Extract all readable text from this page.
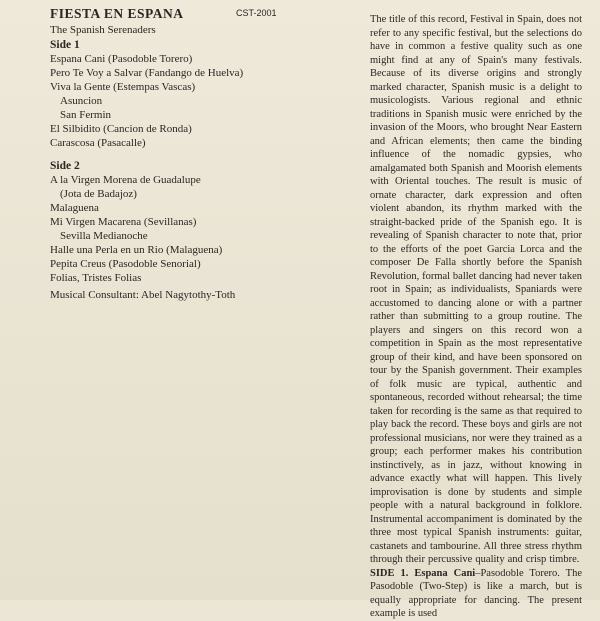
FIESTA EN ESPANA	CST-2001
The Spanish Serenaders
Side 1
Espana Cani (Pasodoble Torero)
Pero Te Voy a Salvar (Fandango de Huelva)
Viva la Gente (Estempas Vascas)
Asuncion
San Fermin
El Silbidito (Cancion de Ronda)
Carascosa (Pasacalle)
Side 2
A la Virgen Morena de Guadalupe
(Jota de Badajoz)
Malaguena
Mi Virgen Macarena (Sevillanas)
Sevilla Medianoche
Halle una Perla en un Rio (Malaguena)
Pepita Creus (Pasodoble Senorial)
Folias, Tristes Folias
Musical Consultant: Abel Nagytothy-Toth

The title of this record, Festival in Spain, does not refer to any specific festival, but the selections do have in common a festive quality such as one might find at any of Spain's many festivals. Because of its diverse origins and strongly marked character, Spanish music is a delight to musicologists. Various regional and ethnic traditions in Spanish music were enriched by the invasion of the Moors, who brought Near Eastern and African elements; then came the binding influence of the nomadic gypsies, who amalgamated both Spanish and Moorish elements with Oriental touches. The result is music of ornate character, dark expression and often violent abandon, its rhythm marked with the straight-backed pride of the Spanish ego. It is revealing of Spanish character to note that, prior to the efforts of the poet Garcia Lorca and the composer De Falla shortly before the Spanish Revolution, formal ballet dancing had never taken root in Spain; as individualists, Spaniards were accustomed to dancing alone or with a partner rather than submitting to a group routine. The players and singers on this record won a competition in Spain as the most representative group of their kind, and have been sponsored on tour by the Spanish government. Their examples of folk music are typical, authentic and spontaneous, recorded without rehearsal; the time taken for recording is the same as that required to play back the record. These boys and girls are not professional musicians, nor were they trained as a group; each performer makes his contribution instinctively, as in jazz, without knowing in advance exactly what will happen. This lively improvisation is done by students and simple people with a natural background in folklore. Instrumental accompaniment is dominated by the three most typical Spanish instruments: guitar, castanets and tambourine. All three stress rhythm through their percussive quality and crisp timbre.  SIDE 1. Espana Cani–Pasodoble Torero. The Pasodoble (Two-Step) is like a march, but is equally appropriate for dancing. The present example is used
